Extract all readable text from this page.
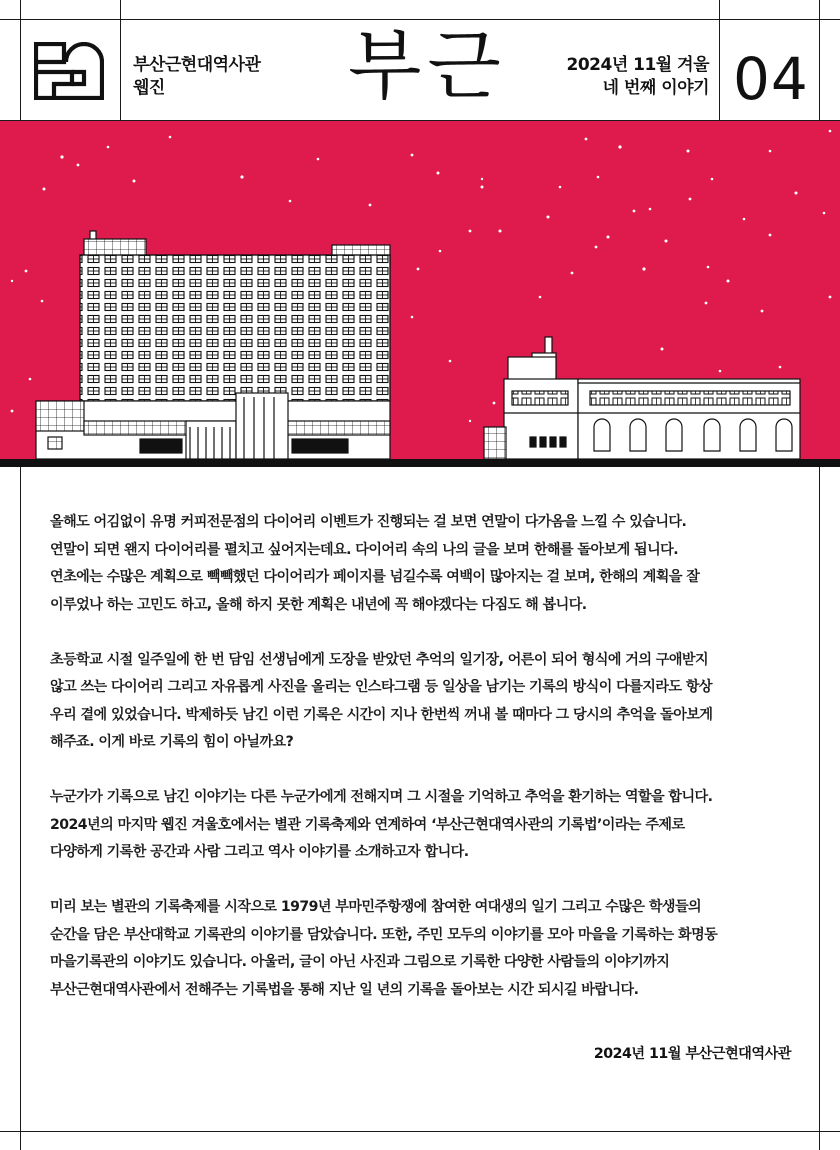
부산근현대역사관
웹진	부근	2024년 11월 겨울
네 번째 이야기 04

올해도 어김없이 유명 커피전문점의 다이어리 이벤트가 진행되는 걸 보면 연말이 다가옴을 느낄 수 있습니다.
연말이 되면 왠지 다이어리를 펼치고 싶어지는데요. 다이어리 속의 나의 글을 보며 한해를 돌아보게 됩니다.
연초에는 수많은 계획으로 빽빽했던 다이어리가 페이지를 넘길수록 여백이 많아지는 걸 보며, 한해의 계획을 잘
이루었나 하는 고민도 하고, 올해 하지 못한 계획은 내년에 꼭 해야겠다는 다짐도 해 봅니다.

초등학교 시절 일주일에 한 번 담임 선생님에게 도장을 받았던 추억의 일기장, 어른이 되어 형식에 거의 구애받지
않고 쓰는 다이어리 그리고 자유롭게 사진을 올리는 인스타그램 등 일상을 남기는 기록의 방식이 다를지라도 항상
우리 곁에 있었습니다. 박제하듯 남긴 이런 기록은 시간이 지나 한번씩 꺼내 볼 때마다 그 당시의 추억을 돌아보게
해주죠. 이게 바로 기록의 힘이 아닐까요?

누군가가 기록으로 남긴 이야기는 다른 누군가에게 전해지며 그 시절을 기억하고 추억을 환기하는 역할을 합니다.
2024년의 마지막 웹진 겨울호에서는 별관 기록축제와 연계하여 ‘부산근현대역사관의 기록법’이라는 주제로
다양하게 기록한 공간과 사람 그리고 역사 이야기를 소개하고자 합니다.

미리 보는 별관의 기록축제를 시작으로 1979년 부마민주항쟁에 참여한 여대생의 일기 그리고 수많은 학생들의
순간을 담은 부산대학교 기록관의 이야기를 담았습니다. 또한, 주민 모두의 이야기를 모아 마을을 기록하는 화명동
마을기록관의 이야기도 있습니다. 아울러, 글이 아닌 사진과 그림으로 기록한 다양한 사람들의 이야기까지
부산근현대역사관에서 전해주는 기록법을 통해 지난 일 년의 기록을 돌아보는 시간 되시길 바랍니다.

2024년 11월 부산근현대역사관
